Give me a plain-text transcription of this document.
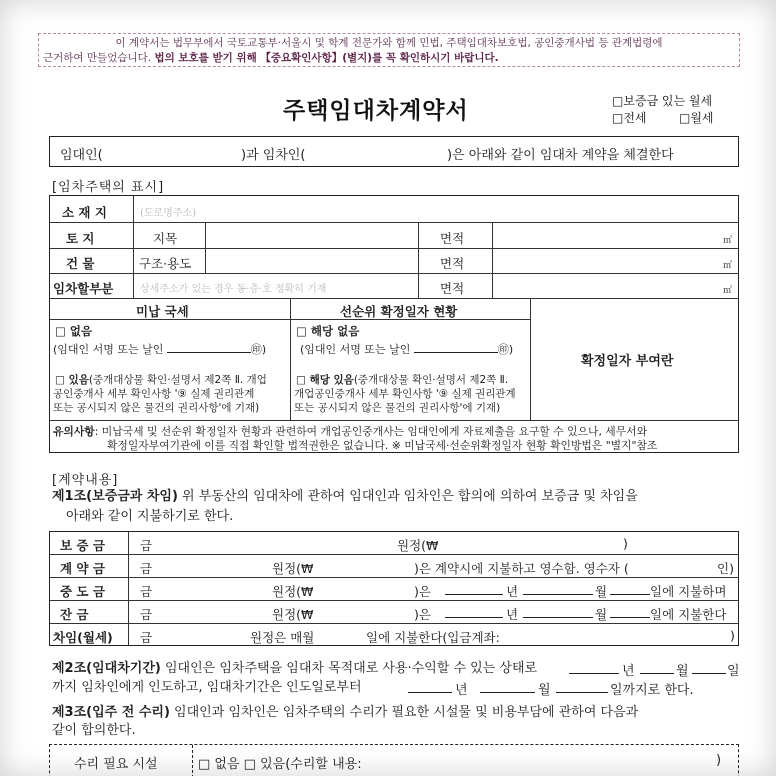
이 계약서는 법무부에서 국토교통부·서울시 및 학계 전문가와 함께 민법, 주택임대차보호법, 공인중개사법 등 관계법령에
근거하여 만들었습니다. 법의 보호를 받기 위해 【중요확인사항】(별지)를 꼭 확인하시기 바랍니다.
주택임대차계약서	□보증금 있는 월세
□전세	□월세
임대인(	)과 임차인(	)은 아래와 같이 임대차 계약을 체결한다
[임차주택의 표시]
소 재 지	(도로명주소)
토 지	지목	면적	㎡
건 물	구조·용도	면적	㎡
임차할부분	상세주소가 있는 경우 동·층·호 정확히 기재	면적	㎡
미납 국세	선순위 확정일자 현황
□ 없음
(임대인 서명 또는 날인	㊞)
□ 있음(중개대상물 확인·설명서 제2쪽 Ⅱ. 개업
공인중개사 세부 확인사항 '⑨ 실제 권리관계
또는 공시되지 않은 물건의 권리사항'에 기재)
□ 해당 없음
(임대인 서명 또는 날인	㊞)
□ 해당 있음(중개대상물 확인·설명서 제2쪽 Ⅱ.
개업공인중개사 세부 확인사항 '⑨ 실제 권리관계
또는 공시되지 않은 물건의 권리사항'에 기재)
확정일자 부여란
유의사항: 미납국세 및 선순위 확정일자 현황과 관련하여 개업공인중개사는 임대인에게 자료제출을 요구할 수 있으나, 세무서와
확정일자부여기관에 이를 직접 확인할 법적권한은 없습니다. ※ 미납국세·선순위확정일자 현황 확인방법은 "별지"참조
[계약내용]
제1조(보증금과 차임) 위 부동산의 임대차에 관하여 임대인과 임차인은 합의에 의하여 보증금 및 차임을
아래와 같이 지불하기로 한다.
보 증 금	금	원정(₩	)
계 약 금	금	원정(₩	)은 계약시에 지불하고 영수함. 영수자 (	인)
중 도 금	금	원정(₩	)은	년	월	일에 지불하며
잔 금	금	원정(₩	)은	년	월	일에 지불한다
차임(월세) 금	원정은 매월	일에 지불한다(입금계좌:	)
제2조(임대차기간) 임대인은 임차주택을 임대차 목적대로 사용·수익할 수 있는 상태로	년	월	일
까지 임차인에게 인도하고, 임대차기간은 인도일로부터	년	월	일까지로 한다.
제3조(입주 전 수리) 임대인과 임차인은 임차주택의 수리가 필요한 시설물 및 비용부담에 관하여 다음과
같이 합의한다.
수리 필요 시설	□ 없음 □ 있음(수리할 내용:	)
